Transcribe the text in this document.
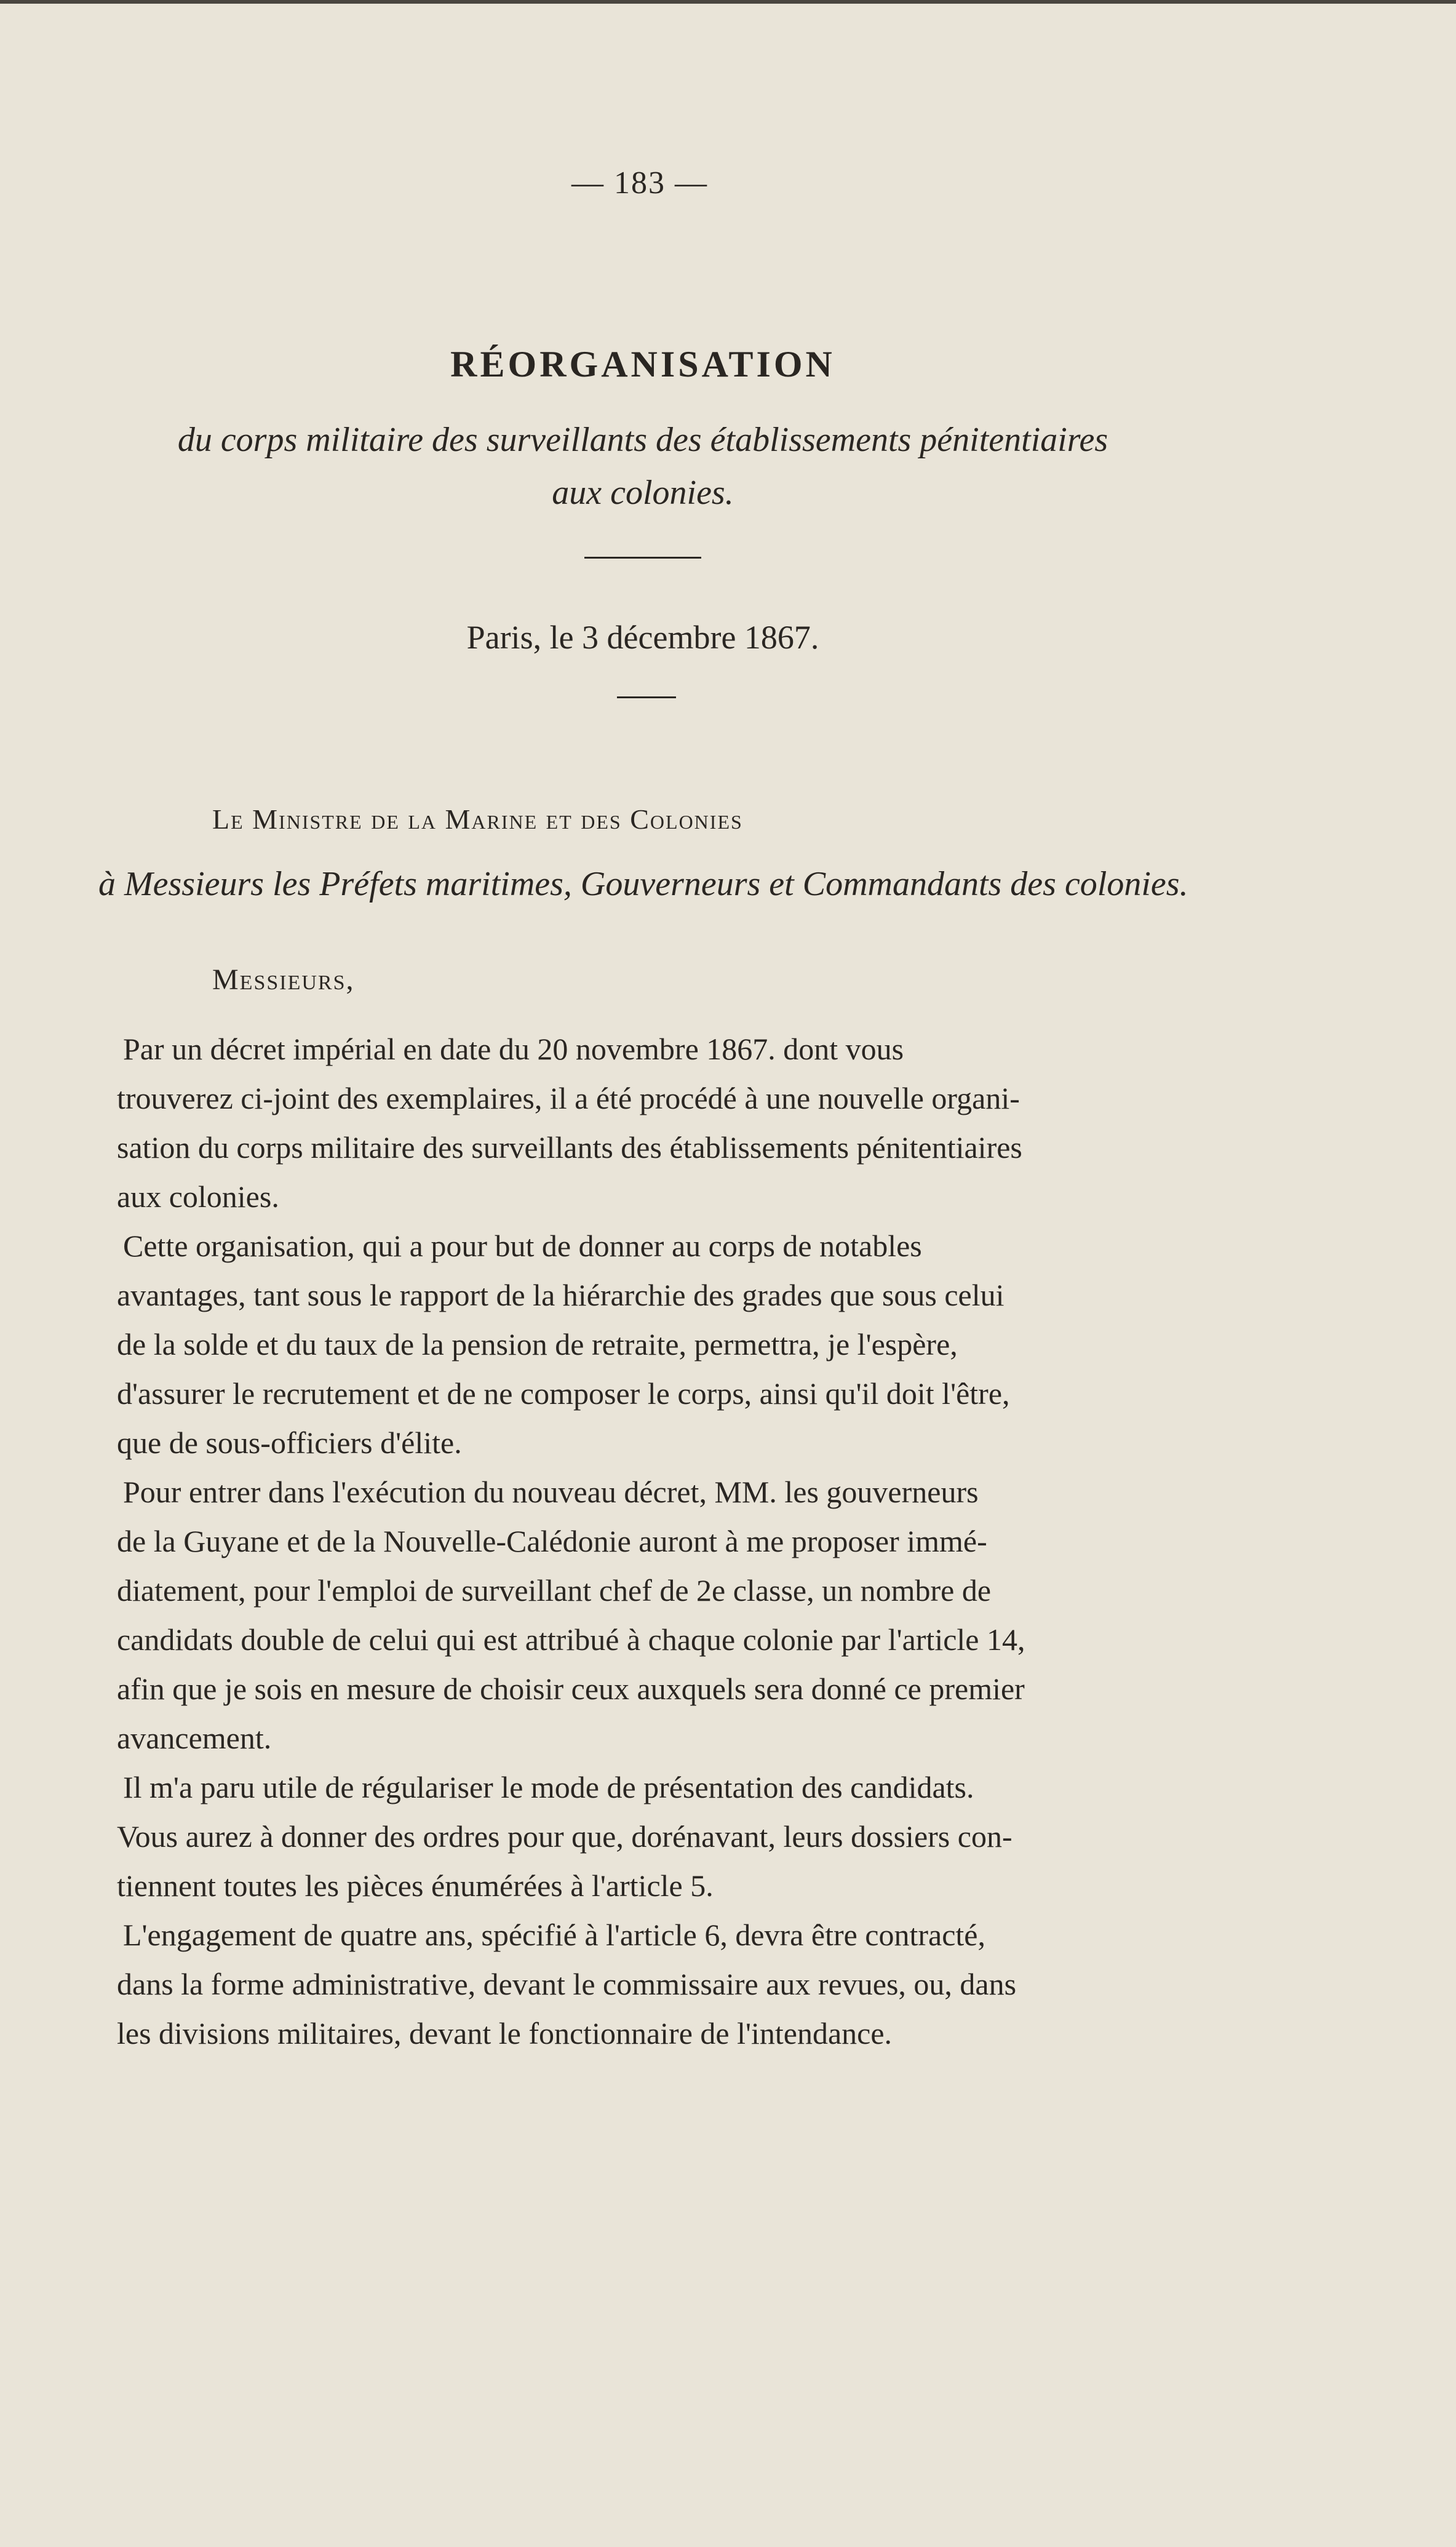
— 183 —
RÉORGANISATION
du corps militaire des surveillants des établissements pénitentiaires
aux colonies.
Paris, le 3 décembre 1867.
Le Ministre de la Marine et des Colonies
à Messieurs les Préfets maritimes, Gouverneurs et Commandants des colonies.
Messieurs,
Par un décret impérial en date du 20 novembre 1867. dont vous
trouverez ci-joint des exemplaires, il a été procédé à une nouvelle organi-
sation du corps militaire des surveillants des établissements pénitentiaires
aux colonies.
Cette organisation, qui a pour but de donner au corps de notables
avantages, tant sous le rapport de la hiérarchie des grades que sous celui
de la solde et du taux de la pension de retraite, permettra, je l'espère,
d'assurer le recrutement et de ne composer le corps, ainsi qu'il doit l'être,
que de sous-officiers d'élite.
Pour entrer dans l'exécution du nouveau décret, MM. les gouverneurs
de la Guyane et de la Nouvelle-Calédonie auront à me proposer immé-
diatement, pour l'emploi de surveillant chef de 2e classe, un nombre de
candidats double de celui qui est attribué à chaque colonie par l'article 14,
afin que je sois en mesure de choisir ceux auxquels sera donné ce premier
avancement.
Il m'a paru utile de régulariser le mode de présentation des candidats.
Vous aurez à donner des ordres pour que, dorénavant, leurs dossiers con-
tiennent toutes les pièces énumérées à l'article 5.
L'engagement de quatre ans, spécifié à l'article 6, devra être contracté,
dans la forme administrative, devant le commissaire aux revues, ou, dans
les divisions militaires, devant le fonctionnaire de l'intendance.
